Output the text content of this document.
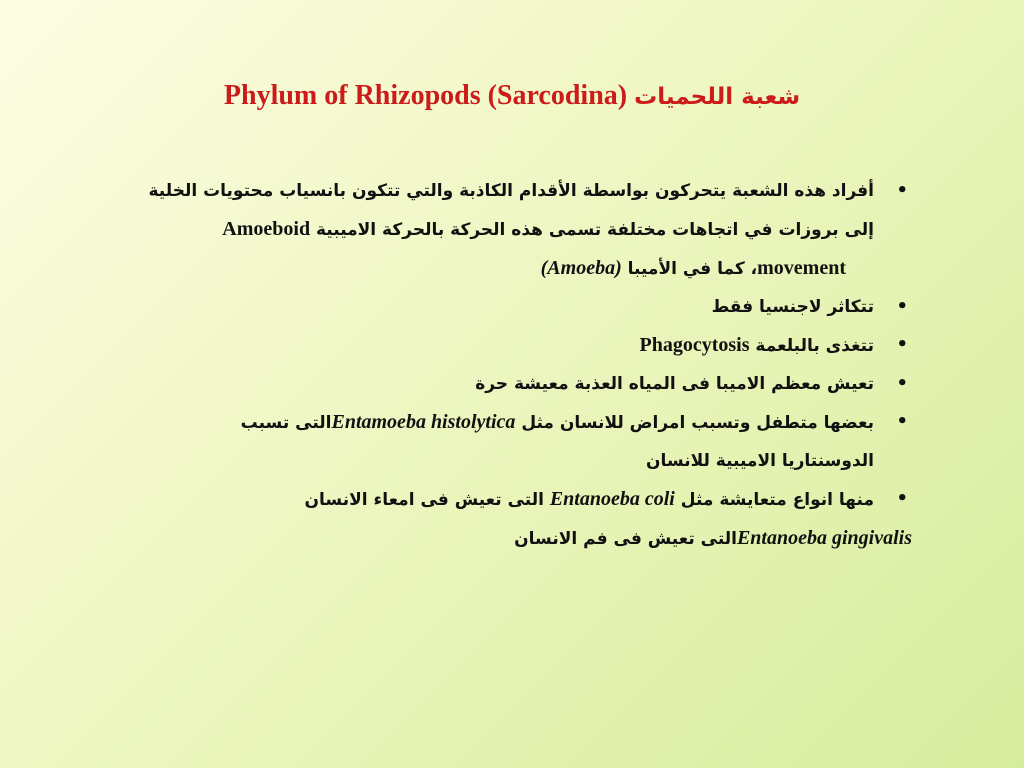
Phylum of Rhizopods (Sarcodina) شعبة اللحميات
•
أفراد هذه الشعبة يتحركون بواسطة الأقدام الكاذبة والتي تتكون بانسياب محتويات الخلية
إلى بروزات في اتجاهات مختلفة تسمى هذه الحركة بالحركة الاميبية Amoeboid
movement، كما في الأميبا (Amoeba)
•
تتكاثر لاجنسيا فقط
•
تتغذى بالبلعمة Phagocytosis
•
تعيش معظم الاميبا فى المياه العذبة معيشة حرة
•
بعضها متطفل وتسبب امراض للانسان مثل Entamoeba histolyticaالتى تسبب
الدوسنتاريا الاميبية للانسان
•
منها انواع متعايشة مثل Entanoeba coli التى تعيش فى امعاء الانسان
Entanoeba gingivalisالتى تعيش فى فم الانسان
